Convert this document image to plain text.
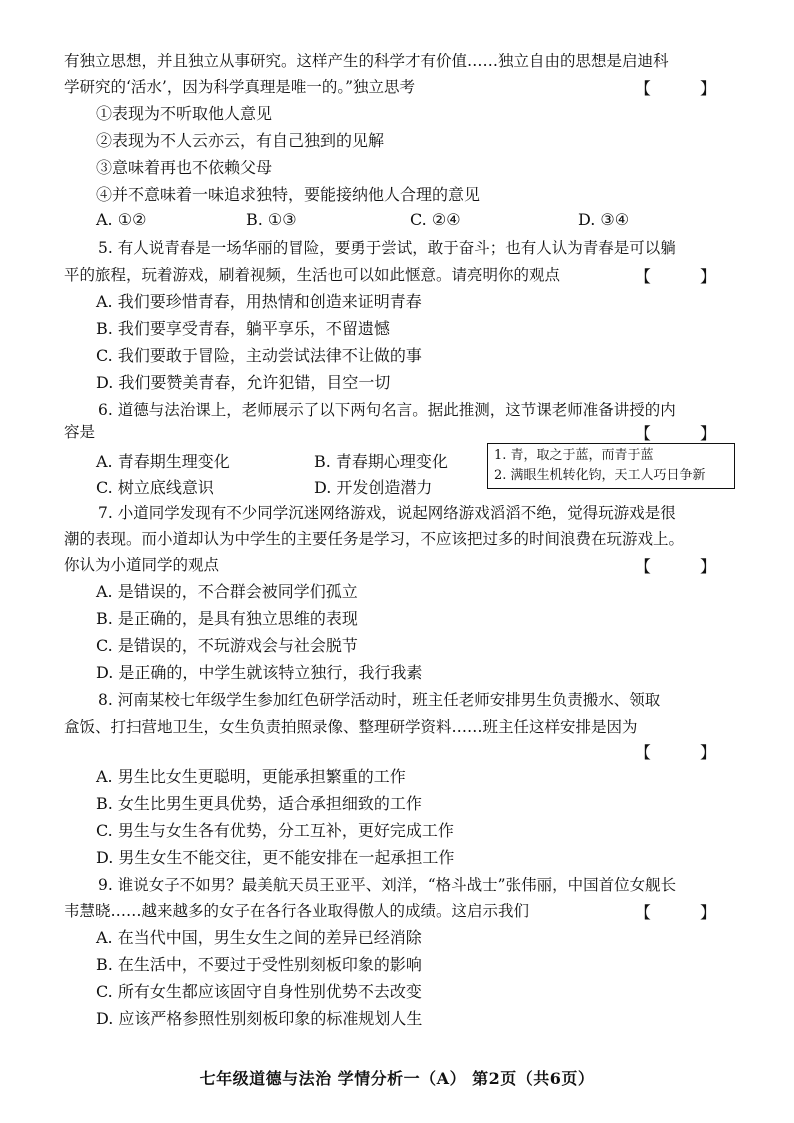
有独立思想，并且独立从事研究。这样产生的科学才有价值……独立自由的思想是启迪科
学研究的‘活水’，因为科学真理是唯一的。”独立思考	【 】
①表现为不听取他人意见
②表现为不人云亦云，有自己独到的见解
③意味着再也不依赖父母
④并不意味着一味追求独特，要能接纳他人合理的意见
A. ①②	B. ①③	C. ②④	D. ③④
5. 有人说青春是一场华丽的冒险，要勇于尝试，敢于奋斗；也有人认为青春是可以躺
平的旅程，玩着游戏，刷着视频，生活也可以如此惬意。请亮明你的观点	【 】
A. 我们要珍惜青春，用热情和创造来证明青春
B. 我们要享受青春，躺平享乐，不留遗憾
C. 我们要敢于冒险，主动尝试法律不让做的事
D. 我们要赞美青春，允许犯错，目空一切
6. 道德与法治课上，老师展示了以下两句名言。据此推测，这节课老师准备讲授的内
容是	【 】
A. 青春期生理变化	B. 青春期心理变化
C. 树立底线意识	D. 开发创造潜力
1. 青，取之于蓝，而青于蓝
2. 满眼生机转化钧，天工人巧日争新
7. 小道同学发现有不少同学沉迷网络游戏，说起网络游戏滔滔不绝，觉得玩游戏是很
潮的表现。而小道却认为中学生的主要任务是学习，不应该把过多的时间浪费在玩游戏上。
你认为小道同学的观点	【 】
A. 是错误的，不合群会被同学们孤立
B. 是正确的，是具有独立思维的表现
C. 是错误的，不玩游戏会与社会脱节
D. 是正确的，中学生就该特立独行，我行我素
8. 河南某校七年级学生参加红色研学活动时，班主任老师安排男生负责搬水、领取
盒饭、打扫营地卫生，女生负责拍照录像、整理研学资料……班主任这样安排是因为
【 】
A. 男生比女生更聪明，更能承担繁重的工作
B. 女生比男生更具优势，适合承担细致的工作
C. 男生与女生各有优势，分工互补，更好完成工作
D. 男生女生不能交往，更不能安排在一起承担工作
9. 谁说女子不如男？最美航天员王亚平、刘洋，“格斗战士”张伟丽，中国首位女舰长
韦慧晓……越来越多的女子在各行各业取得傲人的成绩。这启示我们	【 】
A. 在当代中国，男生女生之间的差异已经消除
B. 在生活中，不要过于受性别刻板印象的影响
C. 所有女生都应该固守自身性别优势不去改变
D. 应该严格参照性别刻板印象的标准规划人生
七年级道德与法治 学情分析一（A） 第2页（共6页）
